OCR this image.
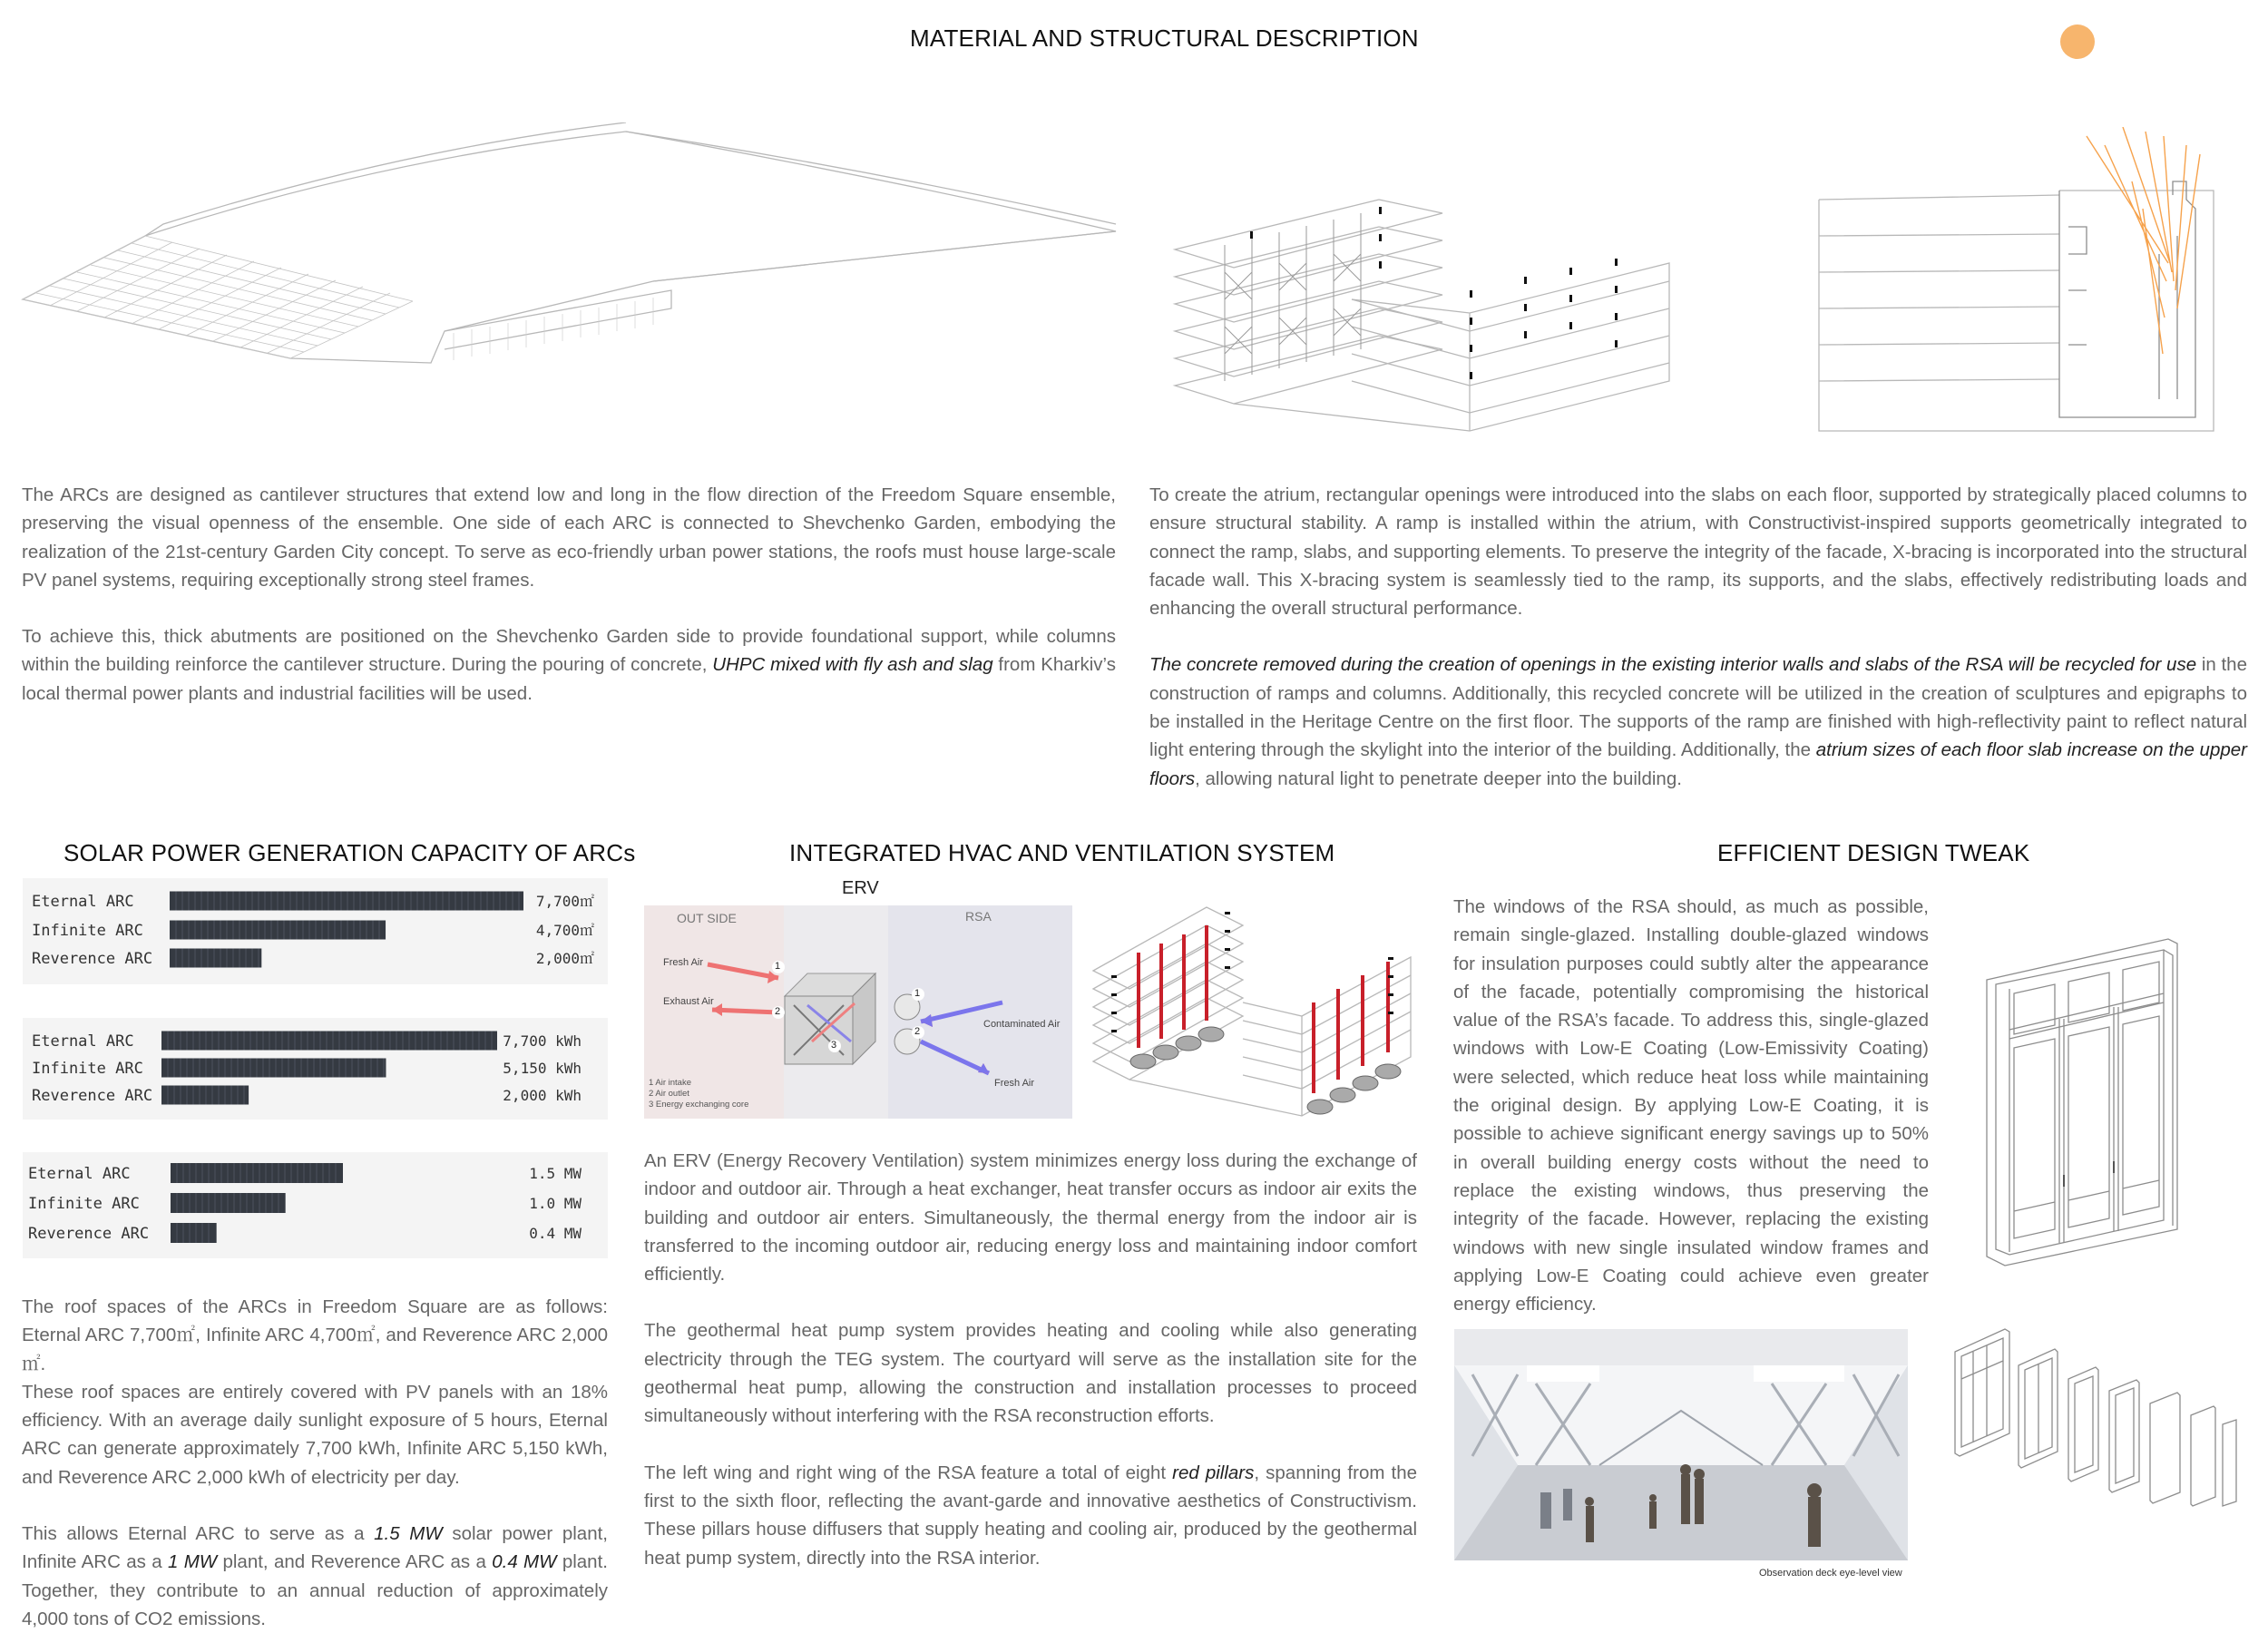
MATERIAL AND STRUCTURAL DESCRIPTION

The ARCs are designed as cantilever structures that extend low and long in the flow direction of the Freedom Square ensemble, preserving the visual openness of the ensemble. One side of each ARC is connected to Shevchenko Garden, embodying the realization of the 21st-century Garden City concept. To serve as eco-friendly urban power stations, the roofs must house large-scale PV panel systems, requiring exceptionally strong steel frames.

To achieve this, thick abutments are positioned on the Shevchenko Garden side to provide foundational support, while columns within the building reinforce the cantilever structure. During the pouring of concrete, UHPC mixed with fly ash and slag from Kharkiv’s local thermal power plants and industrial facilities will be used.

To create the atrium, rectangular openings were introduced into the slabs on each floor, supported by strategically placed columns to ensure structural stability. A ramp is installed within the atrium, with Constructivist-inspired supports geometrically integrated to connect the ramp, slabs, and supporting elements. To preserve the integrity of the facade, X-bracing is incorporated into the structural facade wall. This X-bracing system is seamlessly tied to the ramp, its supports, and the slabs, effectively redistributing loads and enhancing the overall structural performance.

The concrete removed during the creation of openings in the existing interior walls and slabs of the RSA will be recycled for use in the construction of ramps and columns. Additionally, this recycled concrete will be utilized in the creation of sculptures and epigraphs to be installed in the Heritage Centre on the first floor. The supports of the ramp are finished with high-reflectivity paint to reflect natural light entering through the skylight into the interior of the building. Additionally, the atrium sizes of each floor slab increase on the upper floors, allowing natural light to penetrate deeper into the building.

SOLAR POWER GENERATION CAPACITY OF ARCs	INTEGRATED HVAC AND VENTILATION SYSTEM	EFFICIENT DESIGN TWEAK
Eternal ARC	7,700㎡
Infinite ARC	4,700㎡
Reverence ARC	2,000㎡
Eternal ARC	7,700 kWh
Infinite ARC	5,150 kWh
Reverence ARC	2,000 kWh
Eternal ARC	1.5 MW
Infinite ARC	1.0 MW
Reverence ARC	0.4 MW

The roof spaces of the ARCs in Freedom Square are as follows: Eternal ARC 7,700㎡, Infinite ARC 4,700㎡, and Reverence ARC 2,000㎡.

These roof spaces are entirely covered with PV panels with an 18% efficiency. With an average daily sunlight exposure of 5 hours, Eternal ARC can generate approximately 7,700 kWh, Infinite ARC 5,150 kWh, and Reverence ARC 2,000 kWh of electricity per day.

This allows Eternal ARC to serve as a 1.5 MW solar power plant, Infinite ARC as a 1 MW plant, and Reverence ARC as a 0.4 MW plant. Together, they contribute to an annual reduction of approximately 4,000 tons of CO2 emissions.

ERV
OUT SIDE	RSA
Fresh Air
Exhaust Air
Contaminated Air
Fresh Air
1
2
3
1
2
1 Air intake
2 Air outlet
3 Energy exchanging core

An ERV (Energy Recovery Ventilation) system minimizes energy loss during the exchange of indoor and outdoor air. Through a heat exchanger, heat transfer occurs as indoor air exits the building and outdoor air enters. Simultaneously, the thermal energy from the indoor air is transferred to the incoming outdoor air, reducing energy loss and maintaining indoor comfort efficiently.

The geothermal heat pump system provides heating and cooling while also generating electricity through the TEG system. The courtyard will serve as the installation site for the geothermal heat pump, allowing the construction and installation processes to proceed simultaneously without interfering with the RSA reconstruction efforts.

The left wing and right wing of the RSA feature a total of eight red pillars, spanning from the first to the sixth floor, reflecting the avant-garde and innovative aesthetics of Constructivism. These pillars house diffusers that supply heating and cooling air, produced by the geothermal heat pump system, directly into the RSA interior.

The windows of the RSA should, as much as possible, remain single-glazed. Installing double-glazed windows for insulation purposes could subtly alter the appearance of the facade, potentially compromising the historical value of the RSA’s facade. To address this, single-glazed windows with Low-E Coating (Low-Emissivity Coating) were selected, which reduce heat loss while maintaining the original design. By applying Low-E Coating, it is possible to achieve significant energy savings up to 50% in overall building energy costs without the need to replace the existing windows, thus preserving the integrity of the facade. However, replacing the existing windows with new single insulated window frames and applying Low-E Coating could achieve even greater energy efficiency.

Observation deck eye-level view
